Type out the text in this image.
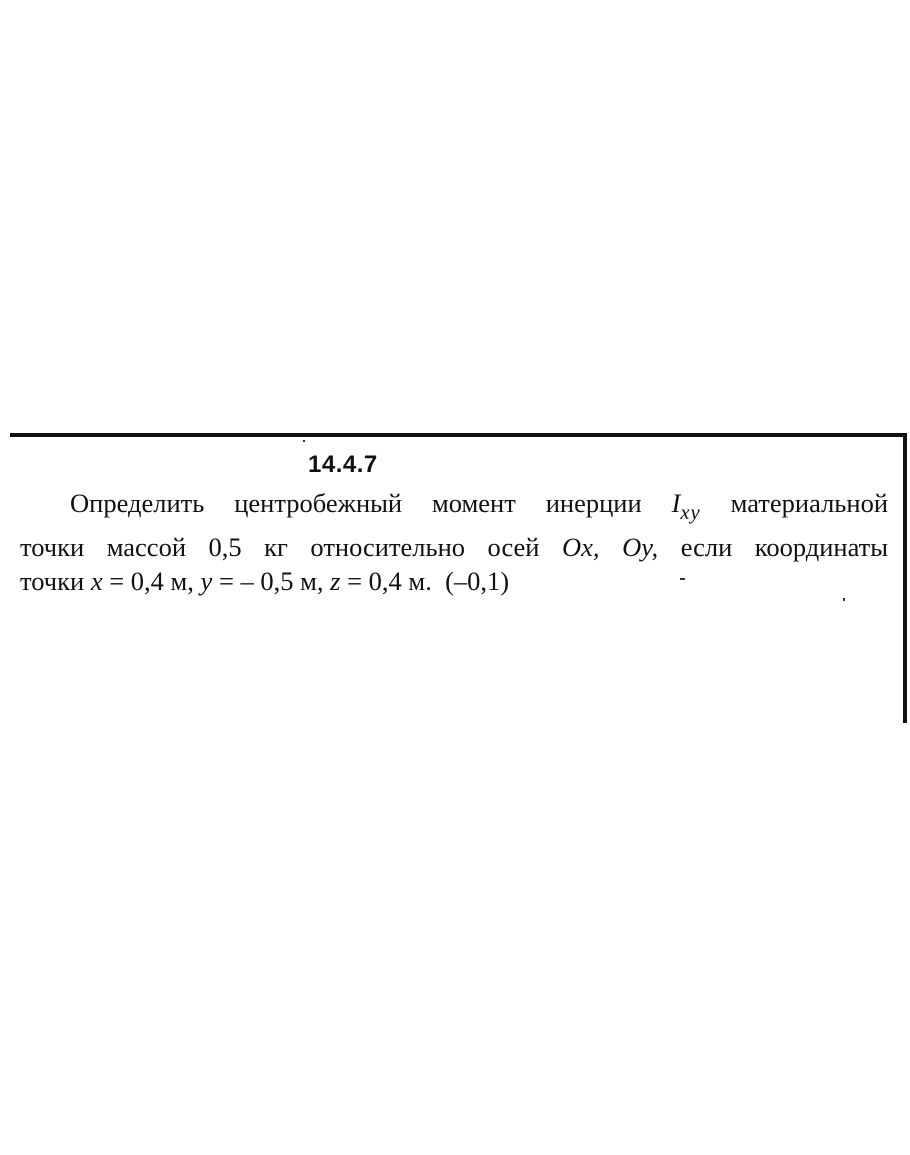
14.4.7

Определить центробежный момент инерции $I_{xy}$ материальной
точки массой 0,5 кг относительно осей Ox, Oy, если координаты
точки x = 0,4 м, y = – 0,5 м, z = 0,4 м. (–0,1)
